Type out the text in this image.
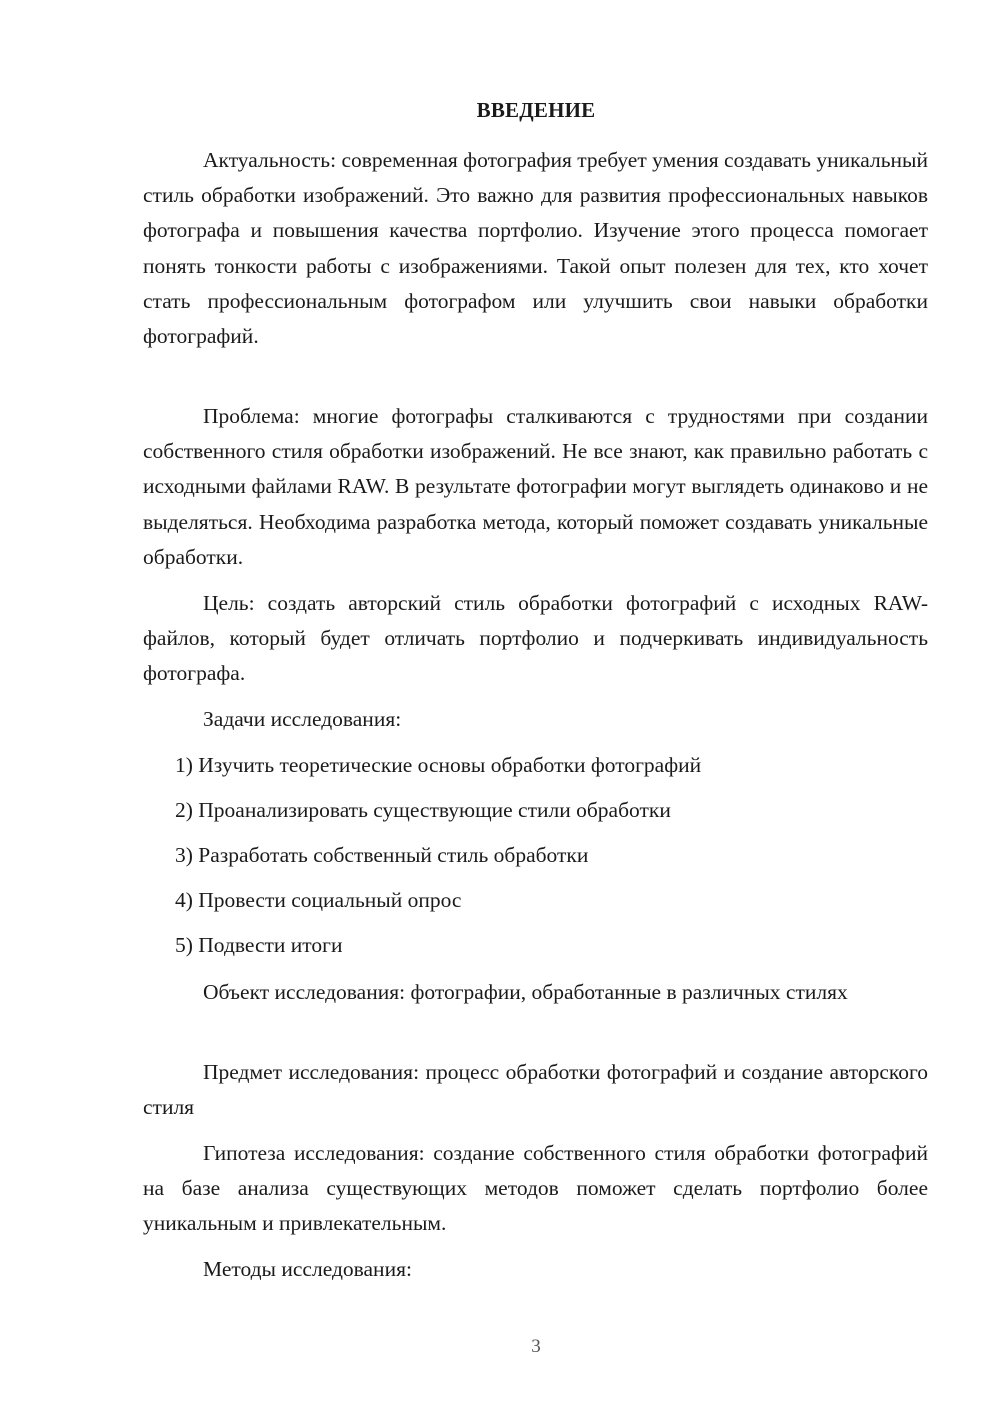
ВВЕДЕНИЕ

Актуальность: современная фотография требует умения создавать уникальный стиль обработки изображений. Это важно для развития профессиональных навыков фотографа и повышения качества портфолио. Изучение этого процесса помогает понять тонкости работы с изображениями. Такой опыт полезен для тех, кто хочет стать профессиональным фотографом или улучшить свои навыки обработки фотографий.

Проблема: многие фотографы сталкиваются с трудностями при создании собственного стиля обработки изображений. Не все знают, как правильно работать с исходными файлами RAW. В результате фотографии могут выглядеть одинаково и не выделяться. Необходима разработка метода, который поможет создавать уникальные обработки.

Цель: создать авторский стиль обработки фотографий с исходных RAW-файлов, который будет отличать портфолио и подчеркивать индивидуальность фотографа.

Задачи исследования:

1) Изучить теоретические основы обработки фотографий
2) Проанализировать существующие стили обработки
3) Разработать собственный стиль обработки
4) Провести социальный опрос
5) Подвести итоги

Объект исследования: фотографии, обработанные в различных стилях

Предмет исследования: процесс обработки фотографий и создание авторского стиля

Гипотеза исследования: создание собственного стиля обработки фотографий на базе анализа существующих методов поможет сделать портфолио более уникальным и привлекательным.

Методы исследования:

3
